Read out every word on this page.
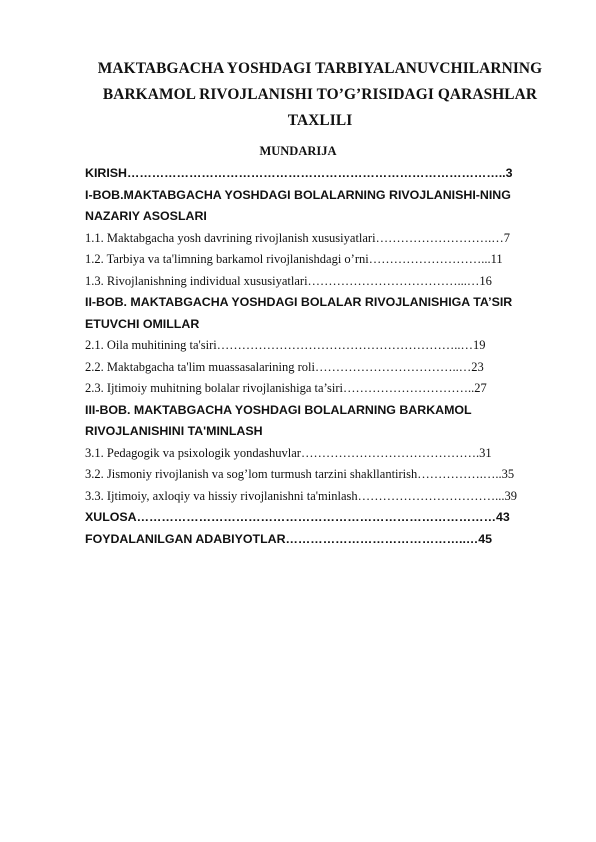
MAKTABGACHA YOSHDAGI TARBIYALANUVCHILARNING
BARKAMOL RIVOJLANISHI TO’G’RISIDAGI QARASHLAR
TAXLILI
MUNDARIJA
KIRISH………………………………………………………………………………..3
I-BOB.MAKTABGACHA YOSHDAGI BOLALARNING RIVOJLANISHI-NING NAZARIY ASOSLARI
1.1. Maktabgacha yosh davrining rivojlanish xususiyatlari……………………….…7
1.2. Tarbiya va ta'limning barkamol rivojlanishdagi o’rni………………………...11
1.3. Rivojlanishning individual xususiyatlari………………………………...…16
II-BOB. MAKTABGACHA YOSHDAGI BOLALAR RIVOJLANISHIGA TA’SIR ETUVCHI OMILLAR
2.1. Oila muhitining ta'siri…………………………………………………..…19
2.2. Maktabgacha ta'lim muassasalarining roli……………………………..…23
2.3. Ijtimoiy muhitning bolalar rivojlanishiga ta’siri…………………………..27
III-BOB. MAKTABGACHA YOSHDAGI BOLALARNING BARKAMOL RIVOJLANISHINI TA'MINLASH
3.1. Pedagogik va psixologik yondashuvlar…………………………………….31
3.2. Jismoniy rivojlanish va sog’lom turmush tarzini shakllantirish…………….…..35
3.3. Ijtimoiy, axloqiy va hissiy rivojlanishni ta'minlash……………………………...39
XULOSA……………………………………………………………………………43
FOYDALANILGAN ADABIYOTLAR……………………………………..…45
